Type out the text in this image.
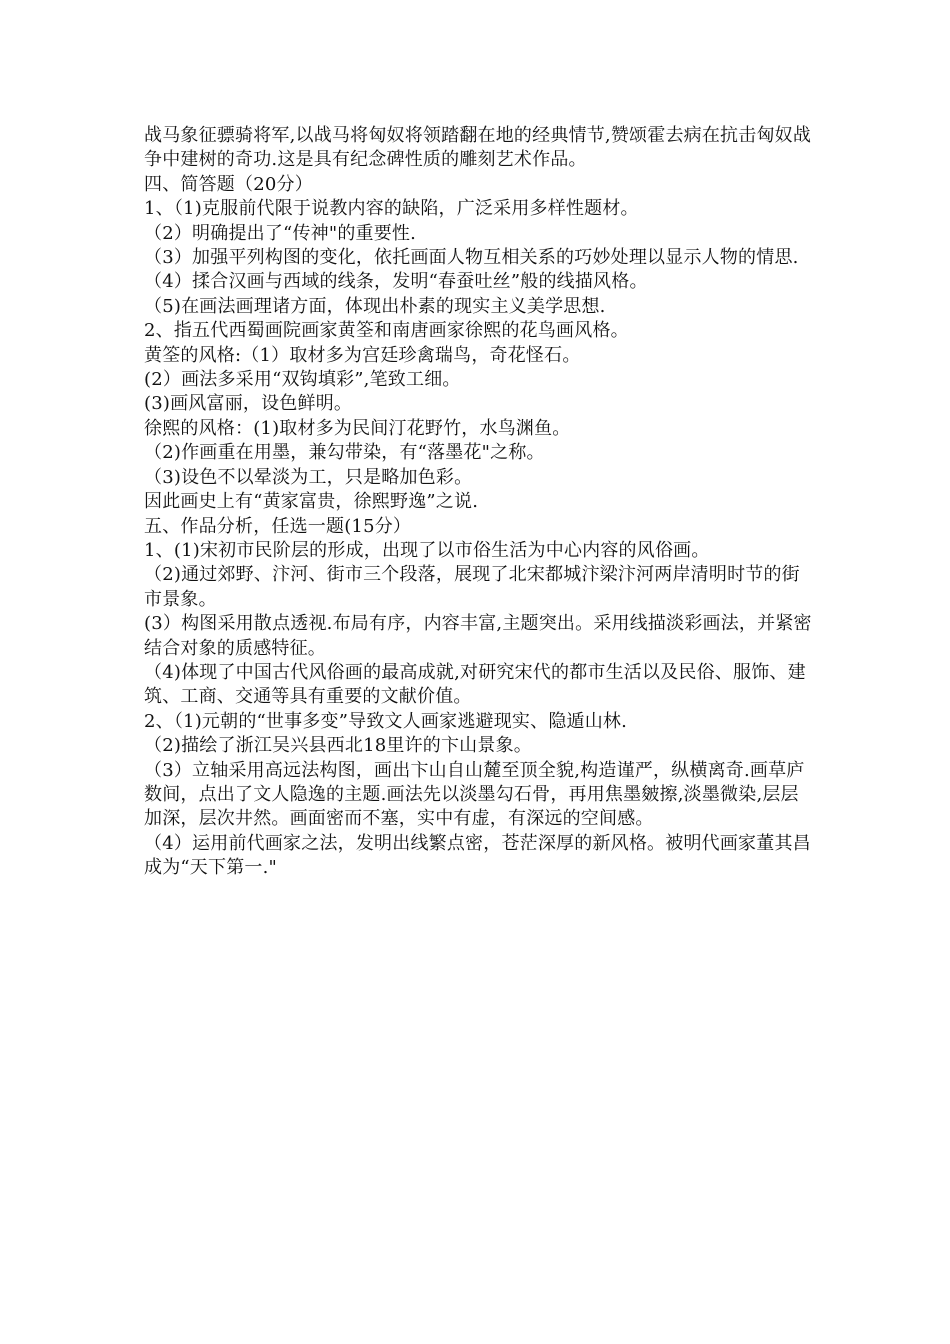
战马象征骠骑将军,以战马将匈奴将领踏翻在地的经典情节,赞颂霍去病在抗击匈奴战争中建树的奇功.这是具有纪念碑性质的雕刻艺术作品。

四、简答题（20分）

1、（1)克服前代限于说教内容的缺陷，广泛采用多样性题材。

（2）明确提出了“传神"的重要性.

（3）加强平列构图的变化，依托画面人物互相关系的巧妙处理以显示人物的情思.

（4）揉合汉画与西域的线条，发明“春蚕吐丝”般的线描风格。

（5)在画法画理诸方面，体现出朴素的现实主义美学思想.

2、指五代西蜀画院画家黄筌和南唐画家徐熙的花鸟画风格。

黄筌的风格:（1）取材多为宫廷珍禽瑞鸟，奇花怪石。

(2）画法多采用“双钩填彩”,笔致工细。

(3)画风富丽，设色鲜明。

徐熙的风格：(1)取材多为民间汀花野竹，水鸟渊鱼。

（2)作画重在用墨，兼勾带染，有“落墨花"之称。

（3)设色不以晕淡为工，只是略加色彩。

因此画史上有“黄家富贵，徐熙野逸”之说.

五、作品分析，任选一题(15分）

1、(1)宋初市民阶层的形成，出现了以市俗生活为中心内容的风俗画。

（2)通过郊野、汴河、街市三个段落，展现了北宋都城汴梁汴河两岸清明时节的街市景象。

(3）构图采用散点透视.布局有序，内容丰富,主题突出。采用线描淡彩画法，并紧密结合对象的质感特征。

（4)体现了中国古代风俗画的最高成就,对研究宋代的都市生活以及民俗、服饰、建筑、工商、交通等具有重要的文献价值。

2、（1)元朝的“世事多变”导致文人画家逃避现实、隐遁山林.

（2)描绘了浙江吴兴县西北18里许的卞山景象。

（3）立轴采用高远法构图，画出卞山自山麓至顶全貌,构造谨严，纵横离奇.画草庐数间，点出了文人隐逸的主题.画法先以淡墨勾石骨，再用焦墨皴擦,淡墨微染,层层加深，层次井然。画面密而不塞，实中有虚，有深远的空间感。

（4）运用前代画家之法，发明出线繁点密，苍茫深厚的新风格。被明代画家董其昌成为“天下第一."
